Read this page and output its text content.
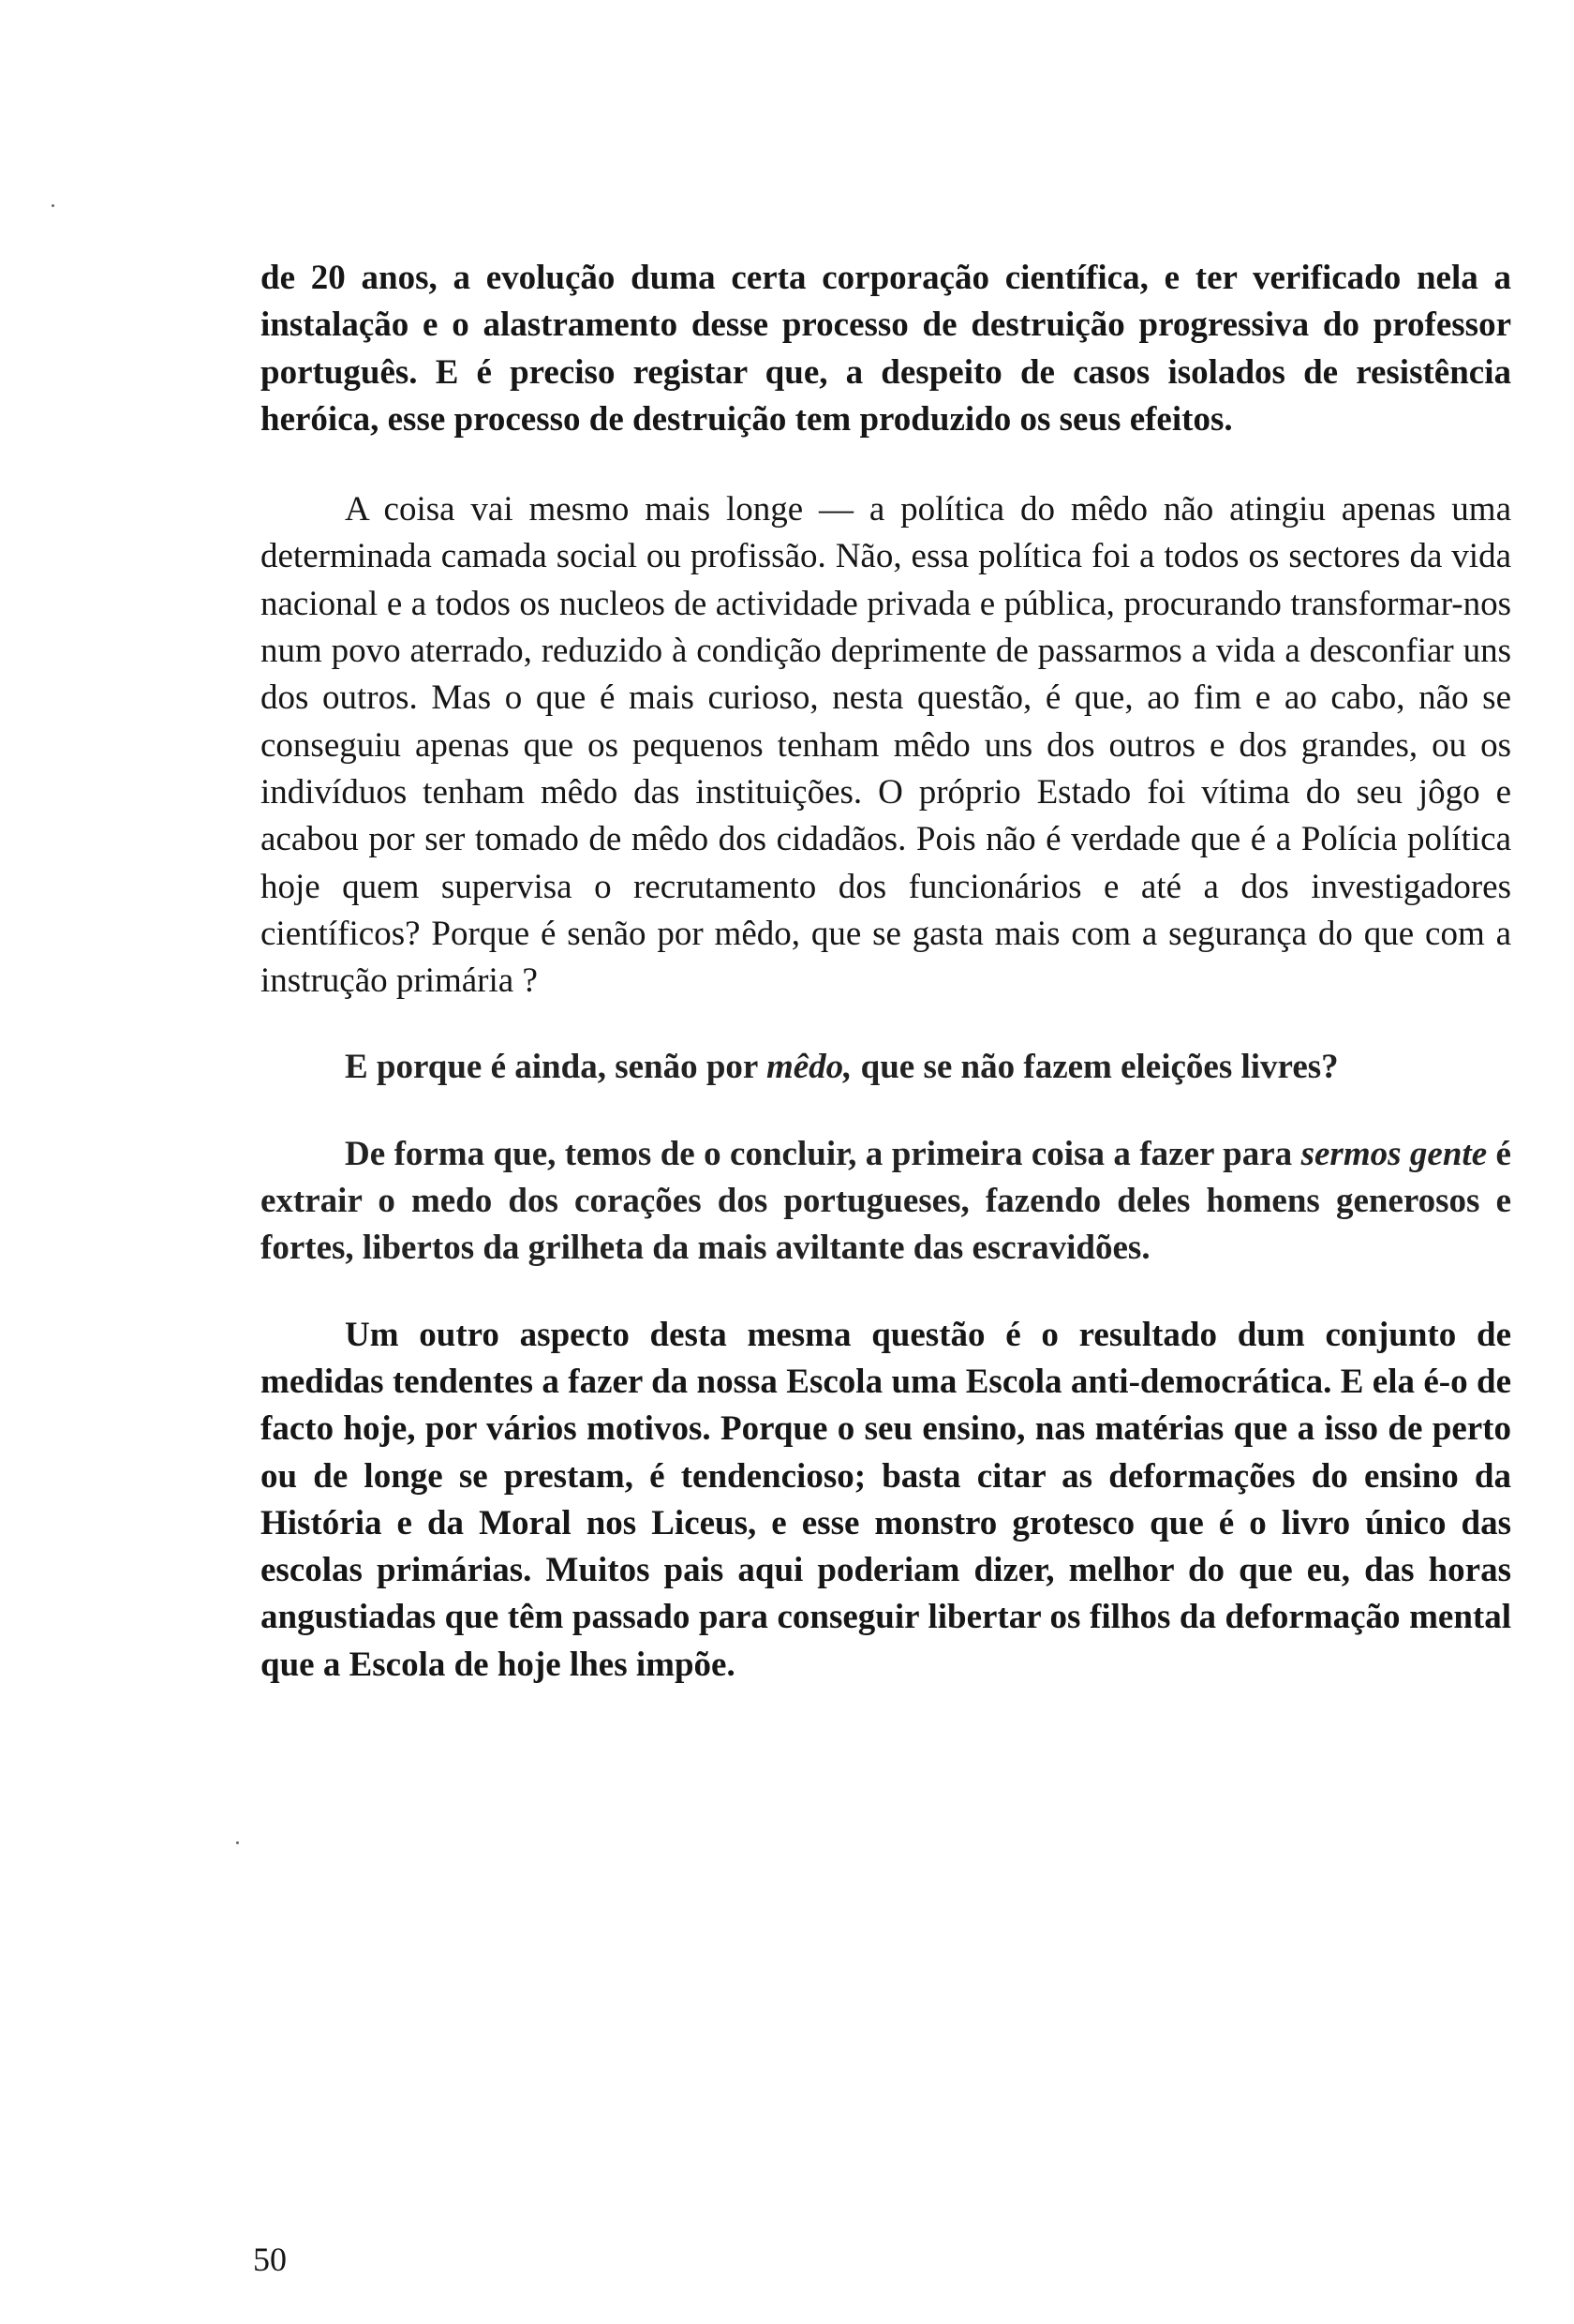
de 20 anos, a evolução duma certa corporação científica, e ter verificado nela a instalação e o alastramento desse processo de destruição progressiva do professor português. E é preciso registar que, a despeito de casos isolados de resistência heróica, esse processo de destruição tem produzido os seus efeitos.

A coisa vai mesmo mais longe — a política do mêdo não atingiu apenas uma determinada camada social ou profissão. Não, essa política foi a todos os sectores da vida nacional e a todos os nucleos de actividade privada e pública, procurando transformar-nos num povo aterrado, reduzido à condição deprimente de passarmos a vida a desconfiar uns dos outros. Mas o que é mais curioso, nesta questão, é que, ao fim e ao cabo, não se conseguiu apenas que os pequenos tenham mêdo uns dos outros e dos grandes, ou os indivíduos tenham mêdo das instituições. O próprio Estado foi vítima do seu jôgo e acabou por ser tomado de mêdo dos cidadãos. Pois não é verdade que é a Polícia política hoje quem supervisa o recrutamento dos funcionários e até a dos investigadores científicos? Porque é senão por mêdo, que se gasta mais com a segurança do que com a instrução primária ?

E porque é ainda, senão por mêdo, que se não fazem eleições livres?

De forma que, temos de o concluir, a primeira coisa a fazer para sermos gente é extrair o medo dos corações dos portugueses, fazendo deles homens generosos e fortes, libertos da grilheta da mais aviltante das escravidões.

Um outro aspecto desta mesma questão é o resultado dum conjunto de medidas tendentes a fazer da nossa Escola uma Escola anti-democrática. E ela é-o de facto hoje, por vários motivos. Porque o seu ensino, nas matérias que a isso de perto ou de longe se prestam, é tendencioso; basta citar as deformações do ensino da História e da Moral nos Liceus, e esse monstro grotesco que é o livro único das escolas primárias. Muitos pais aqui poderiam dizer, melhor do que eu, das horas angustiadas que têm passado para conseguir libertar os filhos da deformação mental que a Escola de hoje lhes impõe.

50
